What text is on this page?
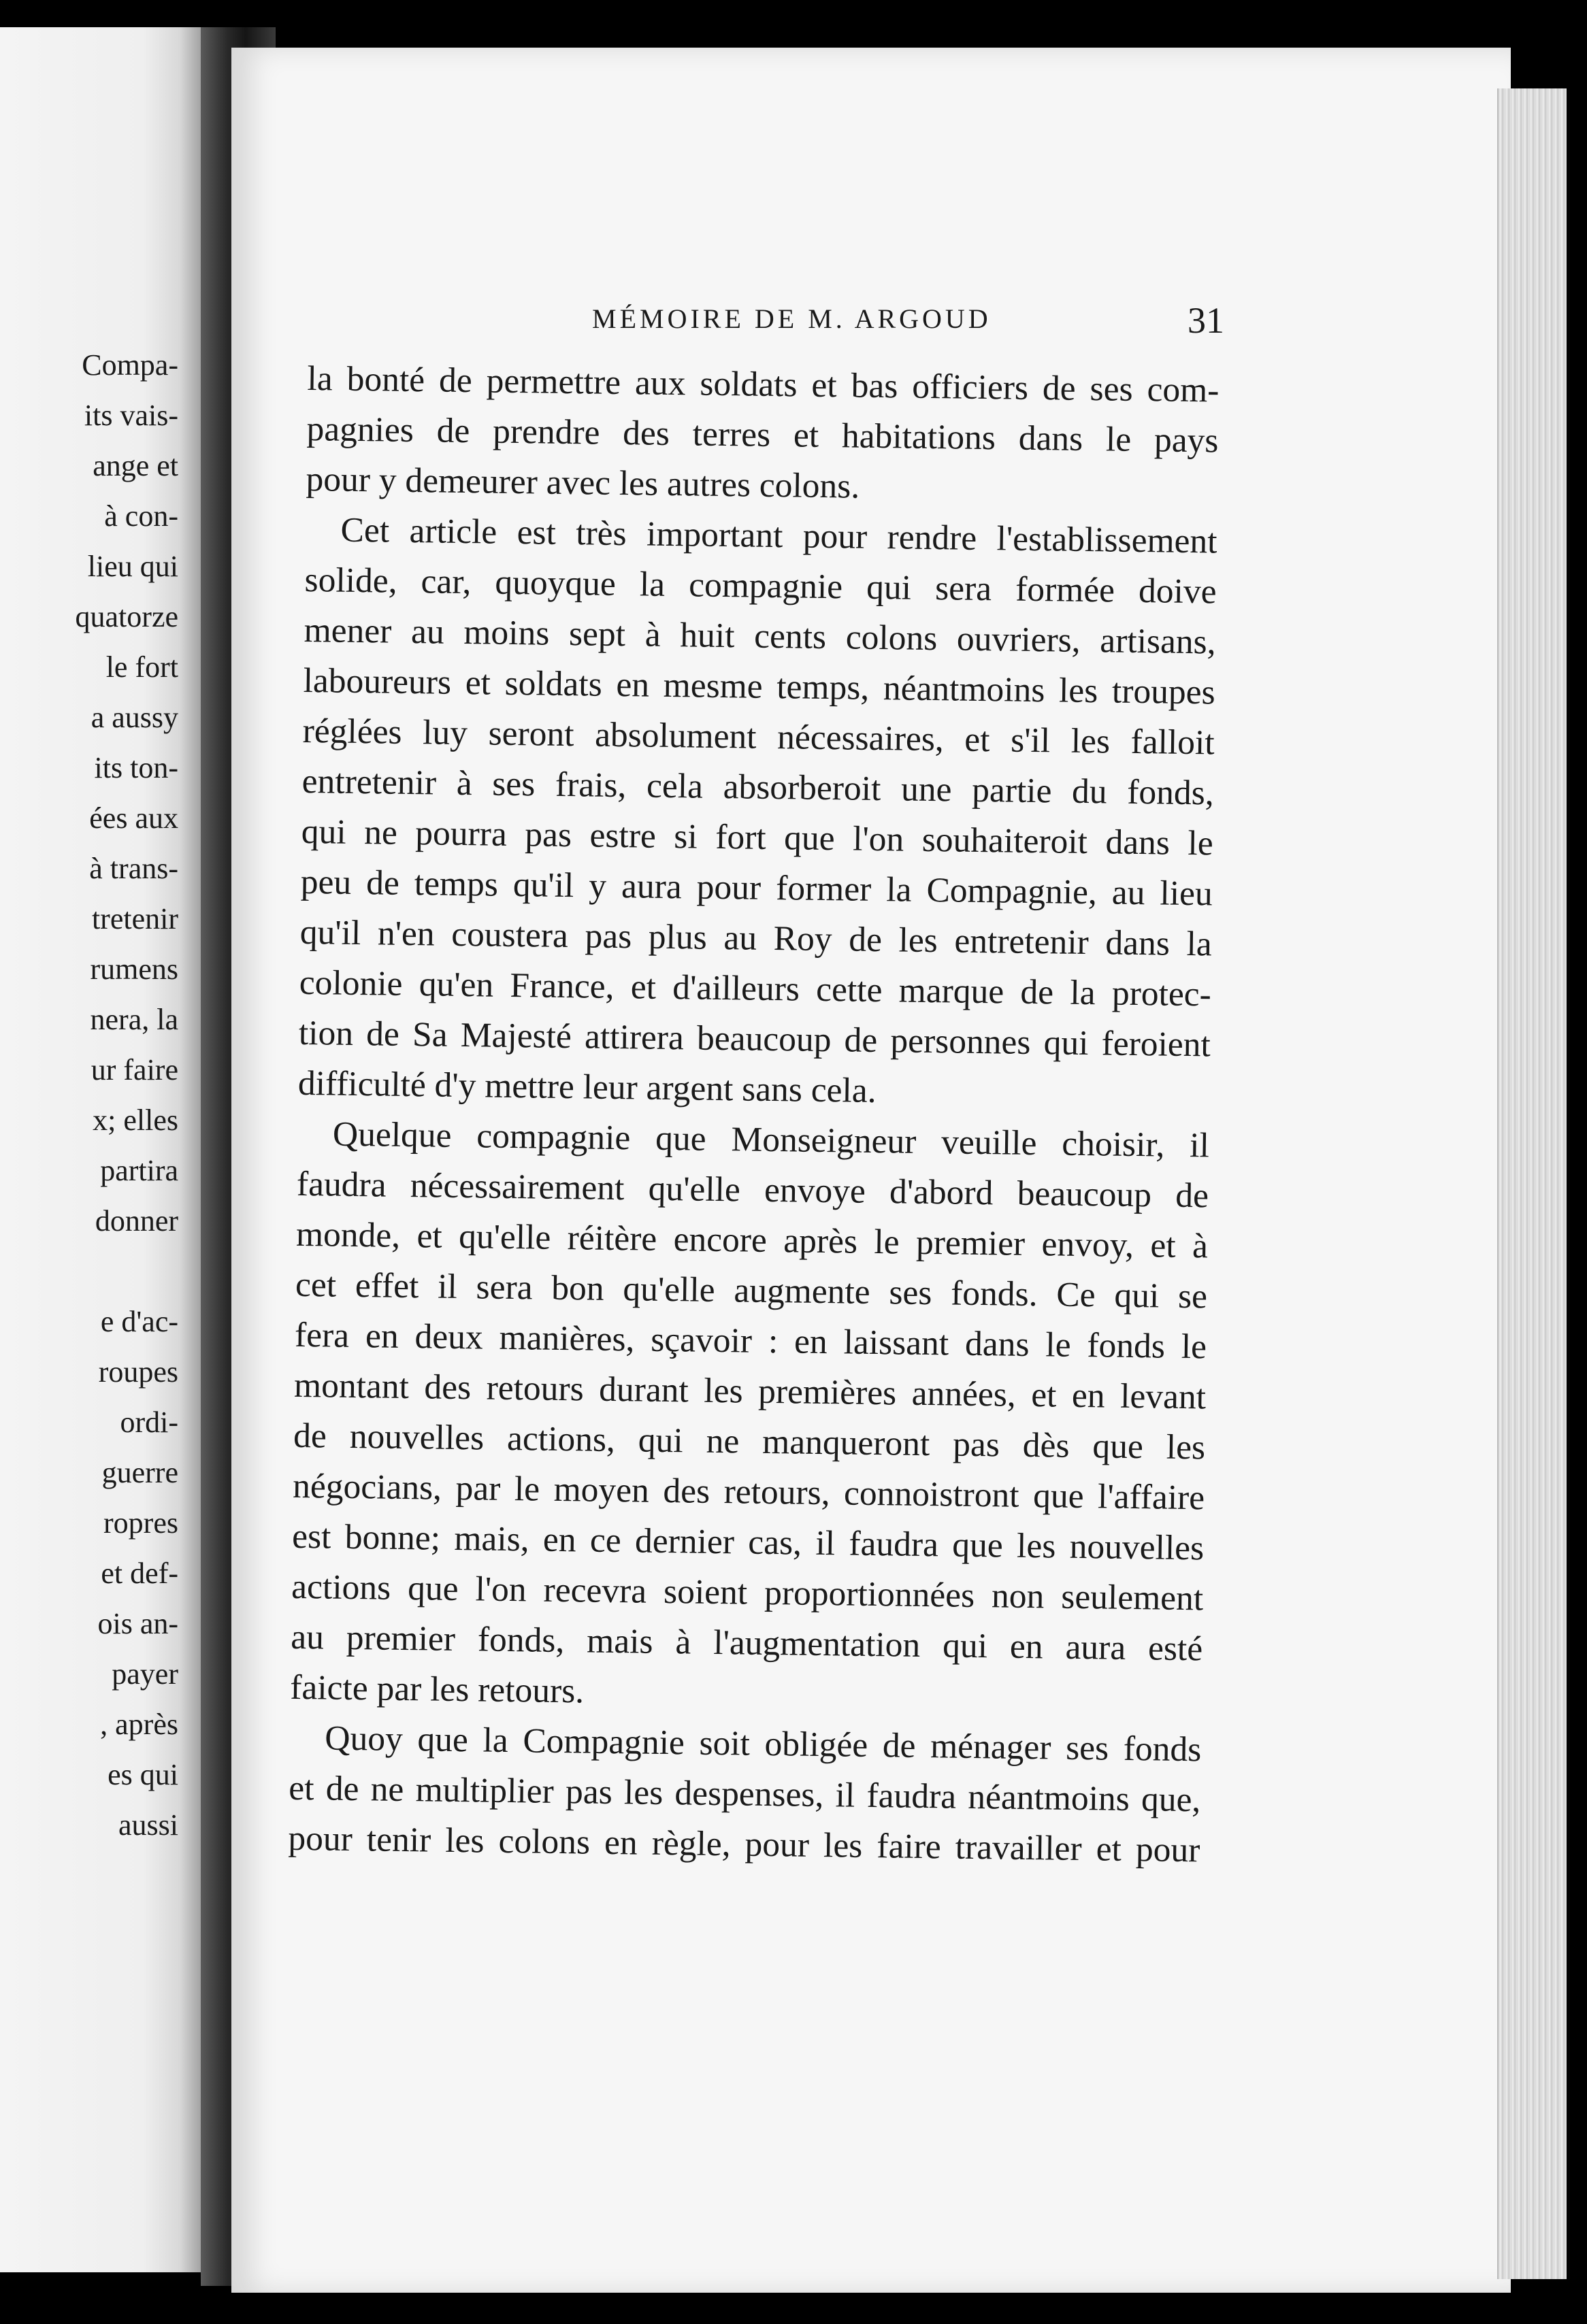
Compa-
its vais-
ange et
à con-
lieu qui
quatorze
le fort
a aussy
its ton-
ées aux
à trans-
tretenir
rumens
nera, la
ur faire
x; elles
partira
donner
e d'ac-
roupes
ordi-
guerre
ropres
et def-
ois an-
payer
, après
es qui
aussi
MÉMOIRE DE M. ARGOUD	31
la bonté de permettre aux soldats et bas officiers de ses com-
pagnies de prendre des terres et habitations dans le pays
pour y demeurer avec les autres colons.
Cet article est très important pour rendre l'establissement
solide, car, quoyque la compagnie qui sera formée doive
mener au moins sept à huit cents colons ouvriers, artisans,
laboureurs et soldats en mesme temps, néantmoins les troupes
réglées luy seront absolument nécessaires, et s'il les falloit
entretenir à ses frais, cela absorberoit une partie du fonds,
qui ne pourra pas estre si fort que l'on souhaiteroit dans le
peu de temps qu'il y aura pour former la Compagnie, au lieu
qu'il n'en coustera pas plus au Roy de les entretenir dans la
colonie qu'en France, et d'ailleurs cette marque de la protec-
tion de Sa Majesté attirera beaucoup de personnes qui feroient
difficulté d'y mettre leur argent sans cela.
Quelque compagnie que Monseigneur veuille choisir, il
faudra nécessairement qu'elle envoye d'abord beaucoup de
monde, et qu'elle réitère encore après le premier envoy, et à
cet effet il sera bon qu'elle augmente ses fonds. Ce qui se
fera en deux manières, sçavoir : en laissant dans le fonds le
montant des retours durant les premières années, et en levant
de nouvelles actions, qui ne manqueront pas dès que les
négocians, par le moyen des retours, connoistront que l'affaire
est bonne; mais, en ce dernier cas, il faudra que les nouvelles
actions que l'on recevra soient proportionnées non seulement
au premier fonds, mais à l'augmentation qui en aura esté
faicte par les retours.
Quoy que la Compagnie soit obligée de ménager ses fonds
et de ne multiplier pas les despenses, il faudra néantmoins que,
pour tenir les colons en règle, pour les faire travailler et pour
